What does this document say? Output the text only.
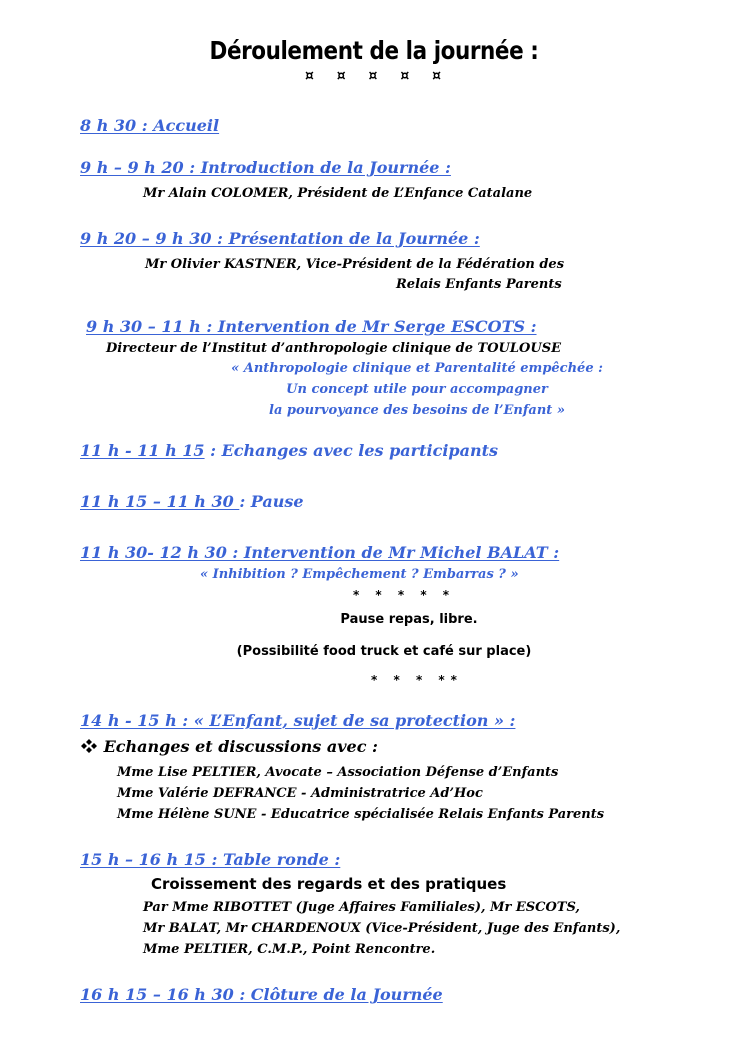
Déroulement de la journée :
¤ ¤ ¤ ¤ ¤
8 h 30 : Accueil
9 h – 9 h 20 : Introduction de la Journée :
Mr Alain COLOMER, Président de L’Enfance Catalane
9 h 20 – 9 h 30 : Présentation de la Journée :
Mr Olivier KASTNER, Vice-Président de la Fédération des
Relais Enfants Parents
9 h 30 – 11 h : Intervention de Mr Serge ESCOTS :
Directeur de l’Institut d’anthropologie clinique de TOULOUSE
« Anthropologie clinique et Parentalité empêchée :
Un concept utile pour accompagner
la pourvoyance des besoins de l’Enfant »
11 h - 11 h 15 : Echanges avec les participants
11 h 15 – 11 h 30 : Pause
11 h 30- 12 h 30 : Intervention de Mr Michel BALAT :
« Inhibition ? Empêchement ? Embarras ? »
* * * * *
Pause repas, libre.
(Possibilité food truck et café sur place)
* * * **
14 h - 15 h : « L’Enfant, sujet de sa protection » :
Echanges et discussions avec :
Mme Lise PELTIER, Avocate – Association Défense d’Enfants
Mme Valérie DEFRANCE - Administratrice Ad’Hoc
Mme Hélène SUNE - Educatrice spécialisée Relais Enfants Parents
15 h – 16 h 15 : Table ronde :
Croissement des regards et des pratiques
Par Mme RIBOTTET (Juge Affaires Familiales), Mr ESCOTS,
Mr BALAT, Mr CHARDENOUX (Vice-Président, Juge des Enfants),
Mme PELTIER, C.M.P., Point Rencontre.
16 h 15 – 16 h 30 : Clôture de la Journée
